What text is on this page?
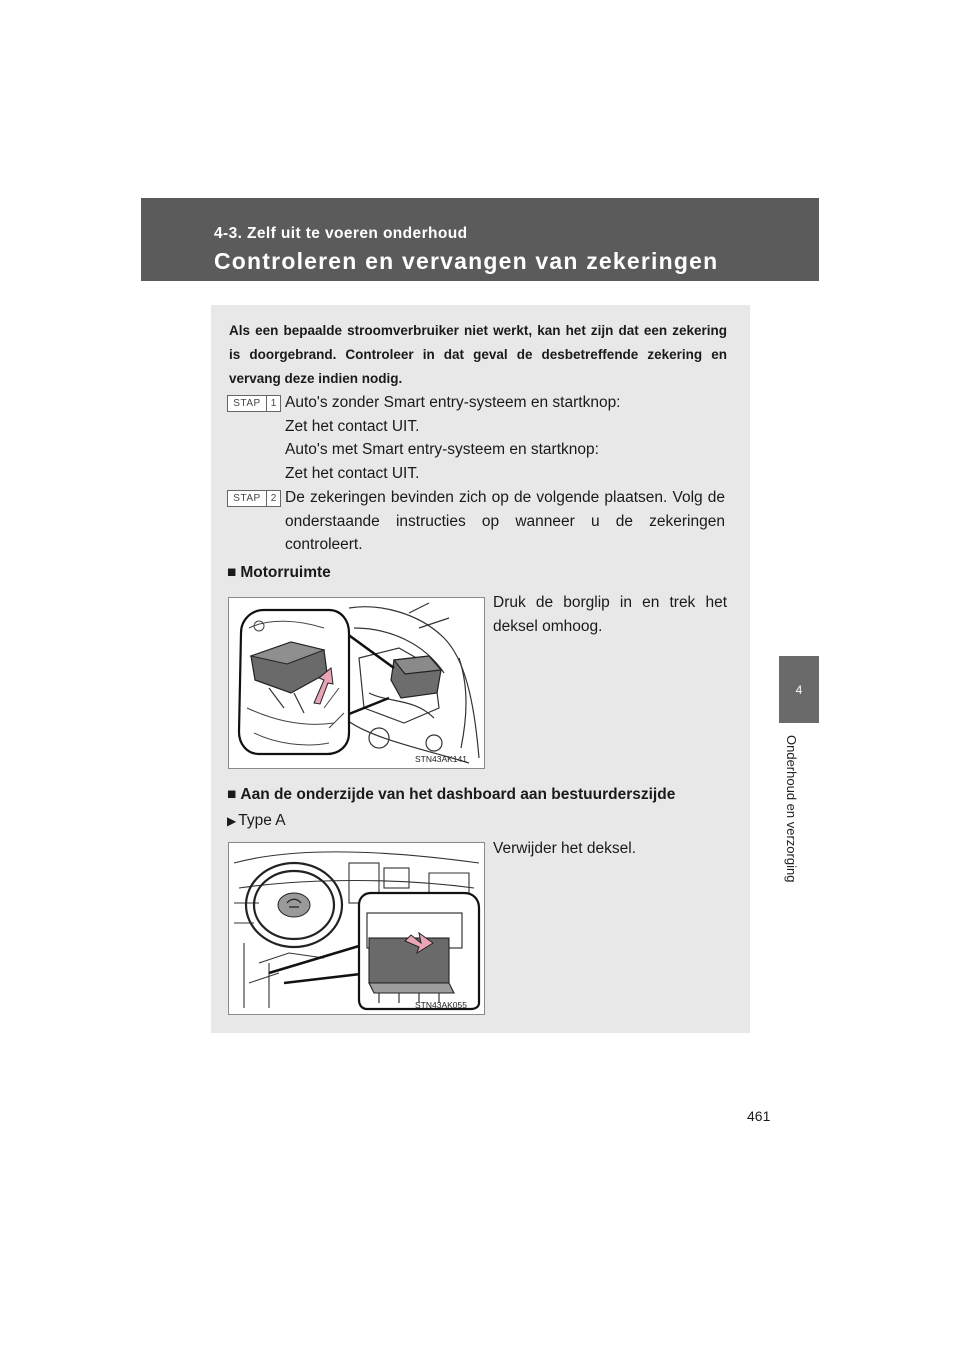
4-3. Zelf uit te voeren onderhoud
Controleren en vervangen van zekeringen
4
Onderhoud en verzorging
Als een bepaalde stroomverbruiker niet werkt, kan het zijn dat een zekering is doorgebrand. Controleer in dat geval de desbetreffende zekering en vervang deze indien nodig.
STAP	1 Auto's zonder Smart entry-systeem en startknop:
Zet het contact UIT.
Auto's met Smart entry-systeem en startknop:
Zet het contact UIT.
STAP	2 De zekeringen bevinden zich op de volgende plaatsen. Volg de onderstaande instructies op wanneer u de zekeringen controleert.
■ Motorruimte
STN43AK141
Druk de borglip in en trek het deksel omhoog.
■ Aan de onderzijde van het dashboard aan bestuurderszijde
▶ Type A
STN43AK055
Verwijder het deksel.
461
